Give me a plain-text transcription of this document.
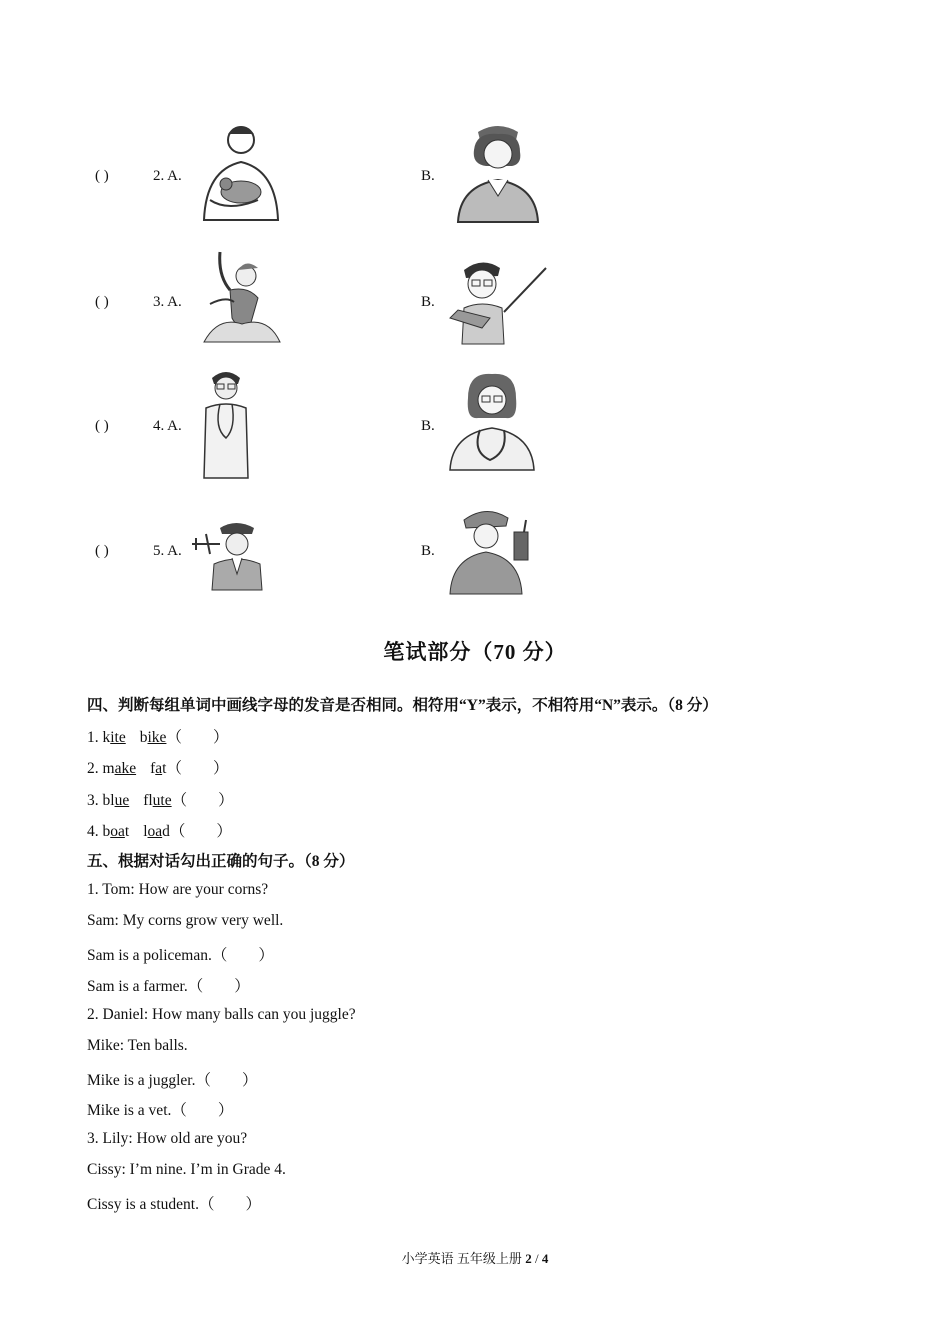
( )	2. A.	B.
( )	3. A.	B.
( )	4. A.	B.
( )	5. A.	B.
笔试部分（70 分）
四、判断每组单词中画线字母的发音是否相同。相符用“Y”表示，不相符用“N”表示。（8 分）
1. kite bike（        ）
2. make fat（        ）
3. blue flute（        ）
4. boat load（        ）
五、根据对话勾出正确的句子。（8 分）
1. Tom: How are your corns?
Sam: My corns grow very well.
Sam is a policeman.（        ）
Sam is a farmer.（        ）
2. Daniel: How many balls can you juggle?
Mike: Ten balls.
Mike is a juggler.（        ）
Mike is a vet.（        ）
3. Lily: How old are you?
Cissy: I’m nine. I’m in Grade 4.
Cissy is a student.（        ）
小学英语 五年级上册 2 / 4
